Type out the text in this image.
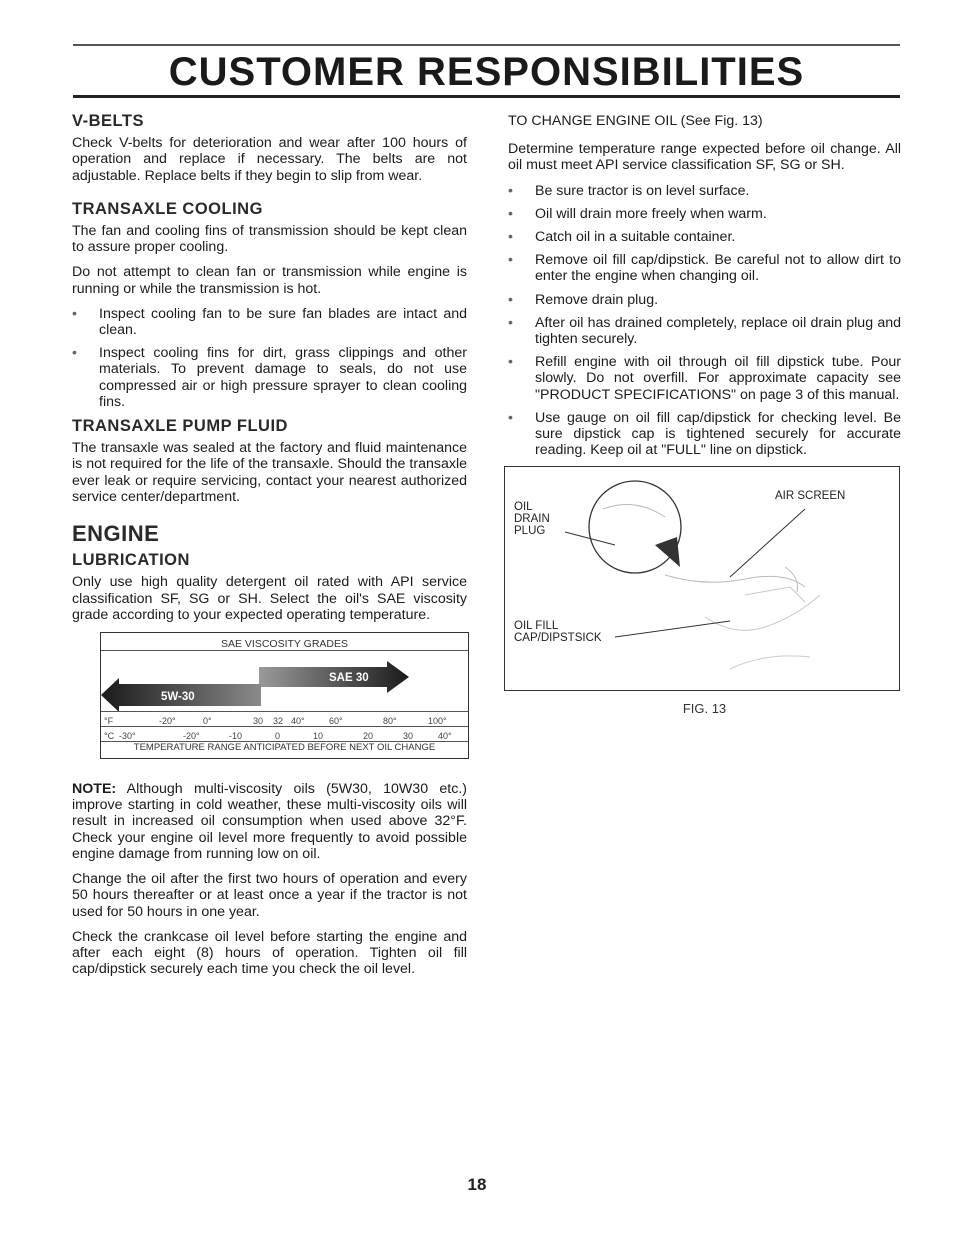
CUSTOMER RESPONSIBILITIES
V-BELTS

Check V-belts for deterioration and wear after 100 hours of operation and replace if necessary. The belts are not adjustable. Replace belts if they begin to slip from wear.

TRANSAXLE COOLING

The fan and cooling fins of transmission should be kept clean to assure proper cooling.

Do not attempt to clean fan or transmission while engine is running or while the transmission is hot.

•	Inspect cooling fan to be sure fan blades are intact and clean.
•	Inspect cooling fins for dirt, grass clippings and other materials. To prevent damage to seals, do not use compressed air or high pressure sprayer to clean cooling fins.
TRANSAXLE PUMP FLUID

The transaxle was sealed at the factory and fluid maintenance is not required for the life of the transaxle. Should the transaxle ever leak or require servicing, contact your nearest authorized service center/department.

ENGINE
LUBRICATION

Only use high quality detergent oil rated with API service classification SF, SG or SH. Select the oil's SAE viscosity grade according to your expected operating temperature.

SAE VISCOSITY GRADES
SAE 30
5W-30
°F	-20°	0°	30 32 40°	60°	80°	100°
°C -30°	-20°	-10	0	10	20	30	40°
TEMPERATURE RANGE ANTICIPATED BEFORE NEXT OIL CHANGE

NOTE: Although multi-viscosity oils (5W30, 10W30 etc.) improve starting in cold weather, these multi-viscosity oils will result in increased oil consumption when used above 32°F. Check your engine oil level more frequently to avoid possible engine damage from running low on oil.

Change the oil after the first two hours of operation and every 50 hours thereafter or at least once a year if the tractor is not used for 50 hours in one year.

Check the crankcase oil level before starting the engine and after each eight (8) hours of operation. Tighten oil fill cap/dipstick securely each time you check the oil level.

TO CHANGE ENGINE OIL (See Fig. 13)

Determine temperature range expected before oil change. All oil must meet API service classification SF, SG or SH.

•	Be sure tractor is on level surface.
•	Oil will drain more freely when warm.
•	Catch oil in a suitable container.
•	Remove oil fill cap/dipstick. Be careful not to allow dirt to enter the engine when changing oil.
•	Remove drain plug.
•	After oil has drained completely, replace oil drain plug and tighten securely.
•	Refill engine with oil through oil fill dipstick tube. Pour slowly. Do not overfill. For approximate capacity see "PRODUCT SPECIFICATIONS" on page 3 of this manual.
•	Use gauge on oil fill cap/dipstick for checking level. Be sure dipstick cap is tightened securely for accurate reading. Keep oil at "FULL" line on dipstick.
OIL
DRAIN
PLUG
AIR SCREEN
OIL FILL
CAP/DIPSTSICK
FIG. 13
18
